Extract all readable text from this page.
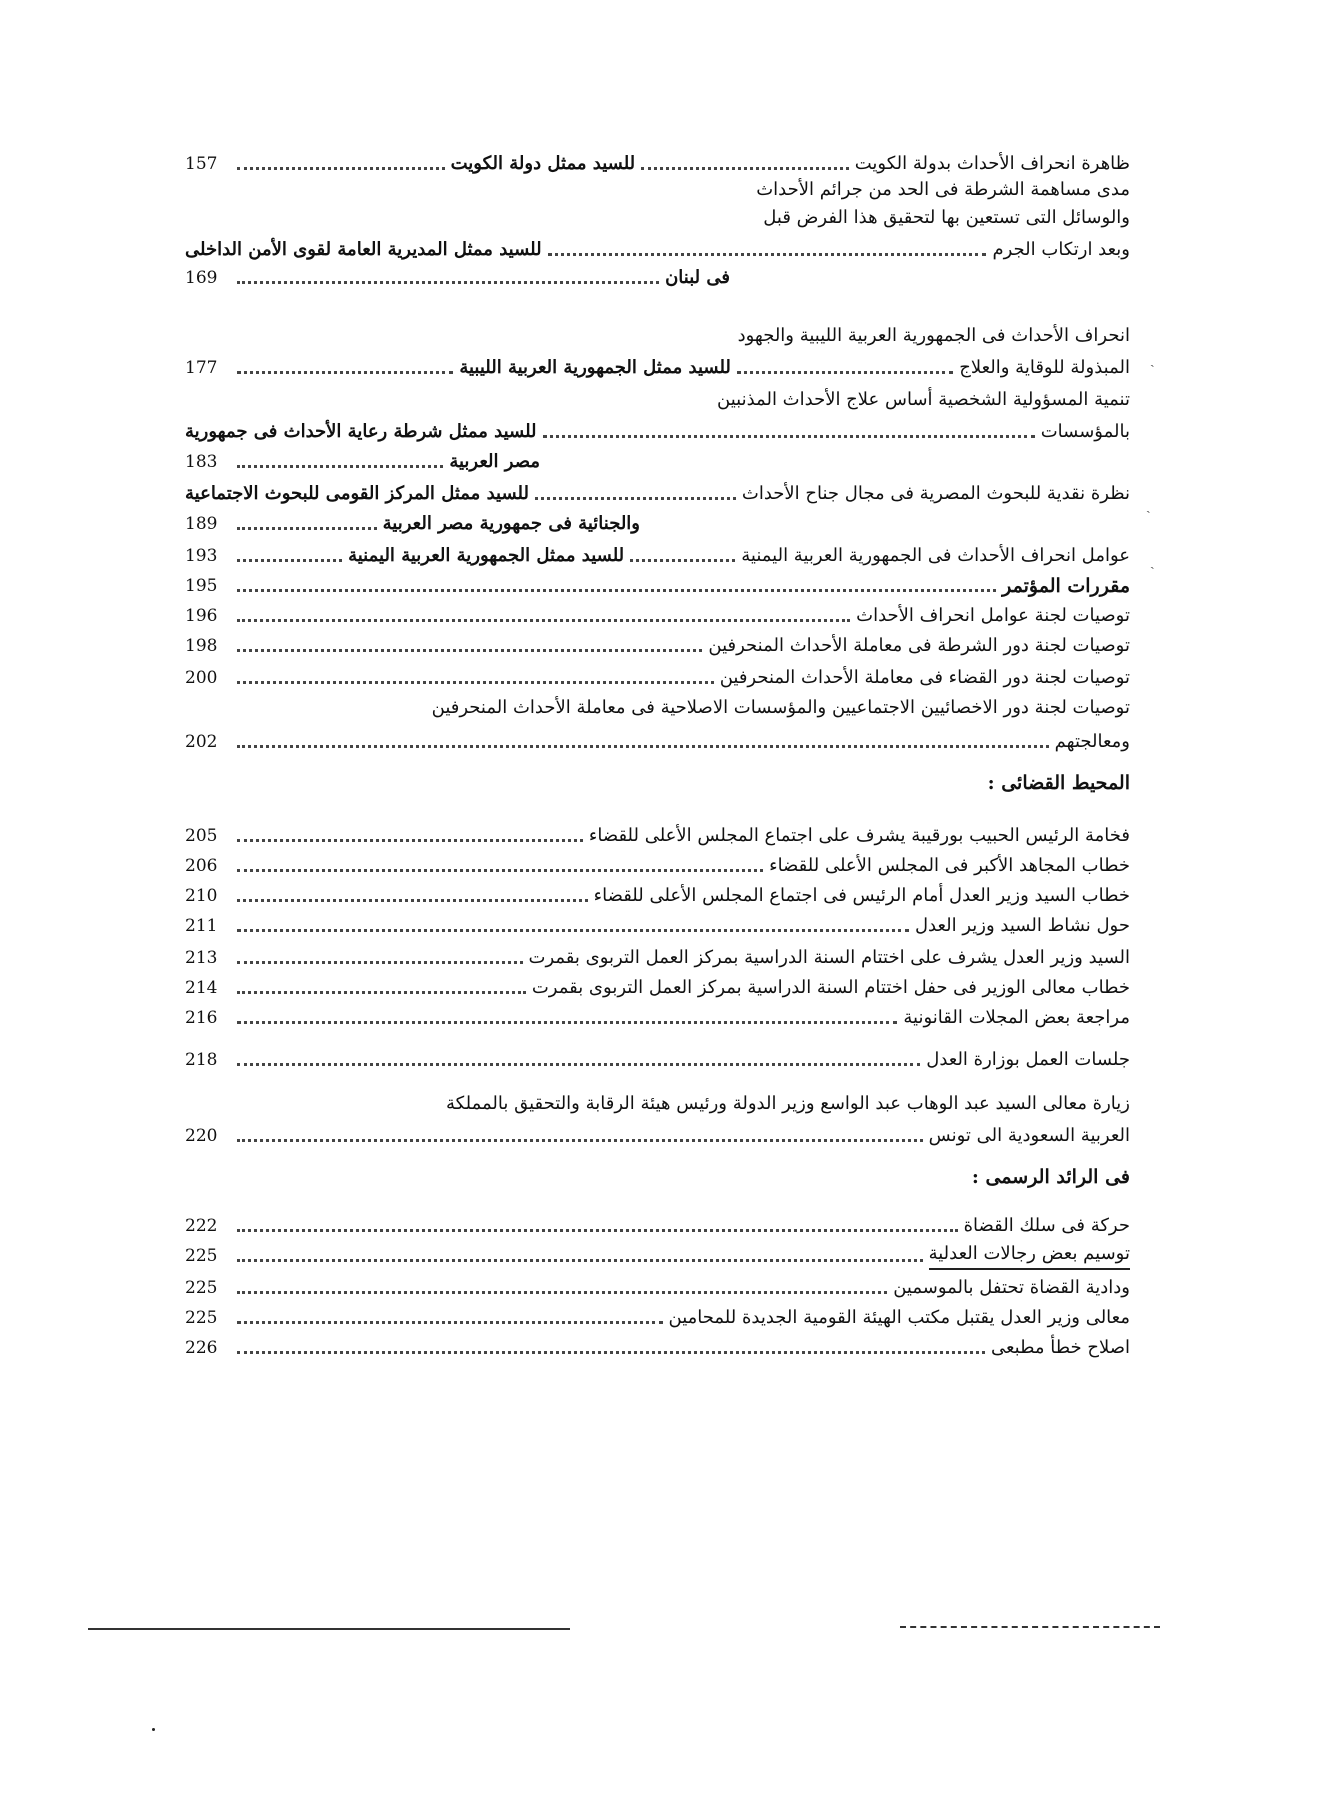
ظاهرة انحراف الأحداث بدولة الكويت
للسيد ممثل دولة الكويت
157
مدى مساهمة الشرطة فى الحد من جرائم الأحداث
والوسائل التى تستعين بها لتحقيق هذا الفرض قبل
وبعد ارتكاب الجرم
للسيد ممثل المديرية العامة لقوى الأمن الداخلى
فى لبنان
169
انحراف الأحداث فى الجمهورية العربية الليبية والجهود
المبذولة للوقاية والعلاج
للسيد ممثل الجمهورية العربية الليبية
177
تنمية المسؤولية الشخصية أساس علاج الأحداث المذنبين
بالمؤسسات
للسيد ممثل شرطة رعاية الأحداث فى جمهورية
مصر العربية
183
نظرة نقدية للبحوث المصرية فى مجال جناح الأحداث
للسيد ممثل المركز القومى للبحوث الاجتماعية
والجنائية فى جمهورية مصر العربية
189
عوامل انحراف الأحداث فى الجمهورية العربية اليمنية
للسيد ممثل الجمهورية العربية اليمنية
193
مقررات المؤتمر
195
توصيات لجنة عوامل انحراف الأحداث
196
توصيات لجنة دور الشرطة فى معاملة الأحداث المنحرفين
198
توصيات لجنة دور القضاء فى معاملة الأحداث المنحرفين
200
توصيات لجنة دور الاخصائيين الاجتماعيين والمؤسسات الاصلاحية فى معاملة الأحداث المنحرفين
ومعالجتهم
202
المحيط القضائى :
فخامة الرئيس الحبيب بورقيبة يشرف على اجتماع المجلس الأعلى للقضاء
205
خطاب المجاهد الأكبر فى المجلس الأعلى للقضاء
206
خطاب السيد وزير العدل أمام الرئيس فى اجتماع المجلس الأعلى للقضاء
210
حول نشاط السيد وزير العدل
211
السيد وزير العدل يشرف على اختتام السنة الدراسية بمركز العمل التربوى بقمرت
213
خطاب معالى الوزير فى حفل اختتام السنة الدراسية بمركز العمل التربوى بقمرت
214
مراجعة بعض المجلات القانونية
216
جلسات العمل بوزارة العدل
218
زيارة معالى السيد عبد الوهاب عبد الواسع وزير الدولة ورئيس هيئة الرقابة والتحقيق بالمملكة
العربية السعودية الى تونس
220
فى الرائد الرسمى :
حركة فى سلك القضاة
222
توسيم بعض رجالات العدلية
225
ودادية القضاة تحتفل بالموسمين
225
معالى وزير العدل يقتبل مكتب الهيئة القومية الجديدة للمحامين
225
اصلاح خطأ مطبعى
226
ˎ
ˏ
ˎ
